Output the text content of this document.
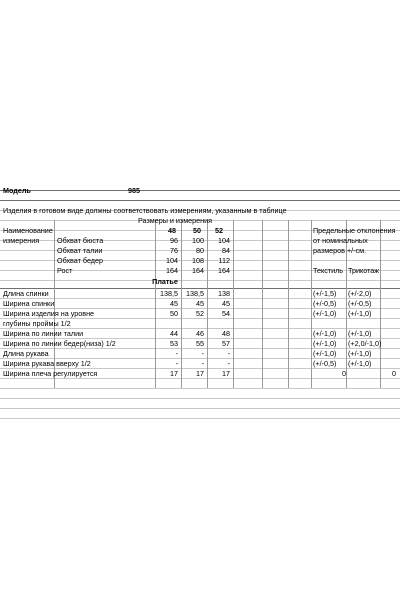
Модель	985
Изделия в готовом виде должны соответствовать измерениям, указанным в таблице
Размеры и измерения
Наименование
измерения
48 50	52	Предельные отклонения
от номинальных
размеров +/-см.
Текстиль Трикотаж
Обхват бюста	96	100	104
Обхват талии	76	80	84
Обхват бедер	104	108	112
Рост	164	164	164
Платье
Длина спинки	138,5	138,5	138	(+/-1,5) (+/-2,0)
Ширина спинки	45	45	45	(+/-0,5) (+/-0,5)
Ширина изделия на уровне	50	52	54	(+/-1,0) (+/-1,0)
глубины проймы 1/2
Ширина по линии талии	44	46	48	(+/-1,0) (+/-1,0)
Ширина по линии бедер(низа) 1/2	53	55	57	(+/-1,0) (+2,0/-1,0)
Длина рукава	-	-	-	(+/-1,0) (+/-1,0)
Ширина рукава вверху 1/2	-	-	-	(+/-0,5) (+/-1,0)
Ширина плеча регулируется	17	17	17	0	0
